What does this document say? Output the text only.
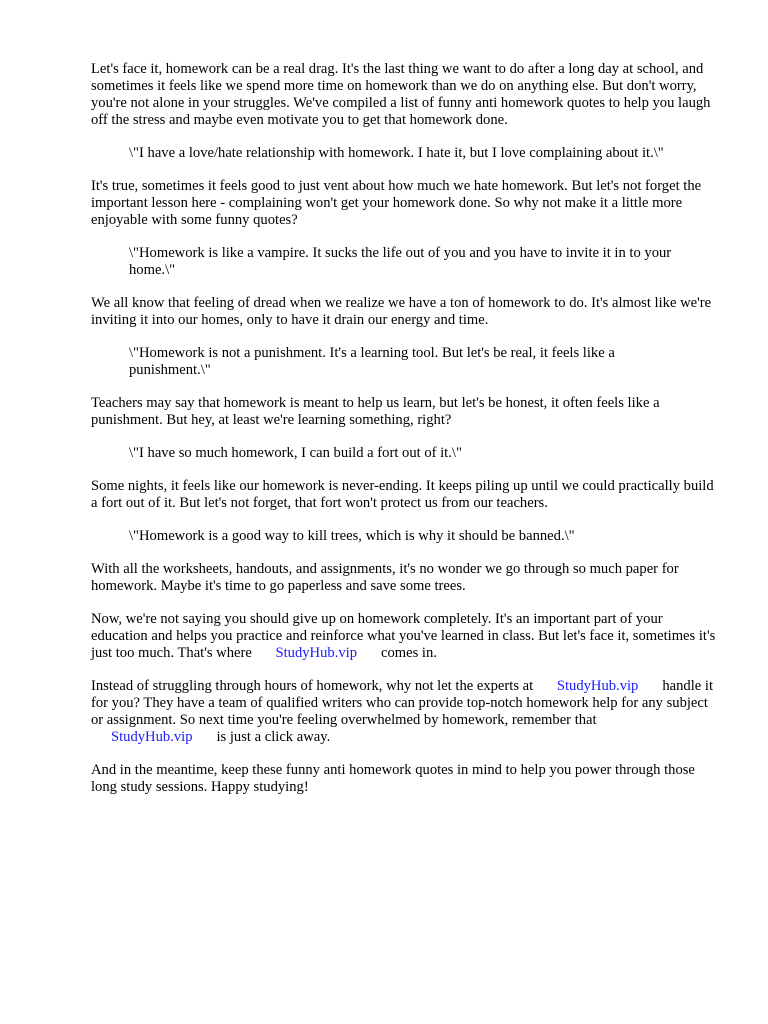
Let's face it, homework can be a real drag. It's the last thing we want to do after a long day at school, and sometimes it feels like we spend more time on homework than we do on anything else. But don't worry, you're not alone in your struggles. We've compiled a list of funny anti homework quotes to help you laugh off the stress and maybe even motivate you to get that homework done.

\"I have a love/hate relationship with homework. I hate it, but I love complaining about it.\"

It's true, sometimes it feels good to just vent about how much we hate homework. But let's not forget the important lesson here - complaining won't get your homework done. So why not make it a little more enjoyable with some funny quotes?

\"Homework is like a vampire. It sucks the life out of you and you have to invite it in to your home.\"

We all know that feeling of dread when we realize we have a ton of homework to do. It's almost like we're inviting it into our homes, only to have it drain our energy and time.

\"Homework is not a punishment. It's a learning tool. But let's be real, it feels like a punishment.\"

Teachers may say that homework is meant to help us learn, but let's be honest, it often feels like a punishment. But hey, at least we're learning something, right?

\"I have so much homework, I can build a fort out of it.\"

Some nights, it feels like our homework is never-ending. It keeps piling up until we could practically build a fort out of it. But let's not forget, that fort won't protect us from our teachers.

\"Homework is a good way to kill trees, which is why it should be banned.\"

With all the worksheets, handouts, and assignments, it's no wonder we go through so much paper for homework. Maybe it's time to go paperless and save some trees.

Now, we're not saying you should give up on homework completely. It's an important part of your education and helps you practice and reinforce what you've learned in class. But let's face it, sometimes it's just too much. That's where StudyHub.vip comes in.

Instead of struggling through hours of homework, why not let the experts at StudyHub.vip handle it for you? They have a team of qualified writers who can provide top-notch homework help for any subject or assignment. So next time you're feeling overwhelmed by homework, remember that StudyHub.vip is just a click away.

And in the meantime, keep these funny anti homework quotes in mind to help you power through those long study sessions. Happy studying!
